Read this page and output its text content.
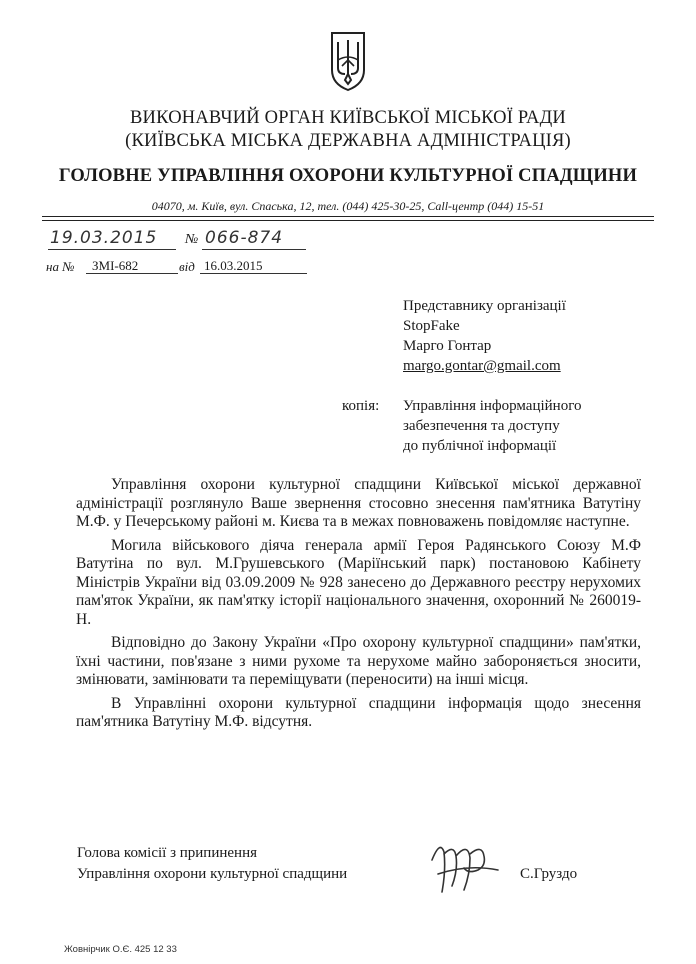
ВИКОНАВЧИЙ ОРГАН КИЇВСЬКОЇ МІСЬКОЇ РАДИ
(КИЇВСЬКА МІСЬКА ДЕРЖАВНА АДМІНІСТРАЦІЯ)
ГОЛОВНЕ УПРАВЛІННЯ ОХОРОНИ КУЛЬТУРНОЇ СПАДЩИНИ
04070, м. Київ, вул. Спаська, 12, тел. (044) 425-30-25, Call-центр (044) 15-51
19.03.2015 № 066-874
на № ЗМІ-682	від 16.03.2015
Представнику організації
StopFake
Марго Гонтар
margo.gontar@gmail.com
копія: Управління інформаційного
забезпечення та доступу
до публічної інформації

Управління охорони культурної спадщини Київської міської державної адміністрації розглянуло Ваше звернення стосовно знесення пам'ятника Ватутіну М.Ф. у Печерському районі м. Києва та в межах повноважень повідомляє наступне.

Могила військового діяча генерала армії Героя Радянського Союзу М.Ф Ватутіна по вул. М.Грушевського (Маріїнський парк) постановою Кабінету Міністрів України від 03.09.2009 № 928 занесено до Державного реєстру нерухомих пам'яток України, як пам'ятку історії національного значення, охоронний № 260019-Н.

Відповідно до Закону України «Про охорону культурної спадщини» пам'ятки, їхні частини, пов'язане з ними рухоме та нерухоме майно забороняється зносити, змінювати, замінювати та переміщувати (переносити) на інші місця.

В Управлінні охорони культурної спадщини інформація щодо знесення пам'ятника Ватутіну М.Ф. відсутня.

Голова комісії з припинення
Управління охорони культурної спадщини	С.Груздо
Жовнірчик О.Є. 425 12 33
